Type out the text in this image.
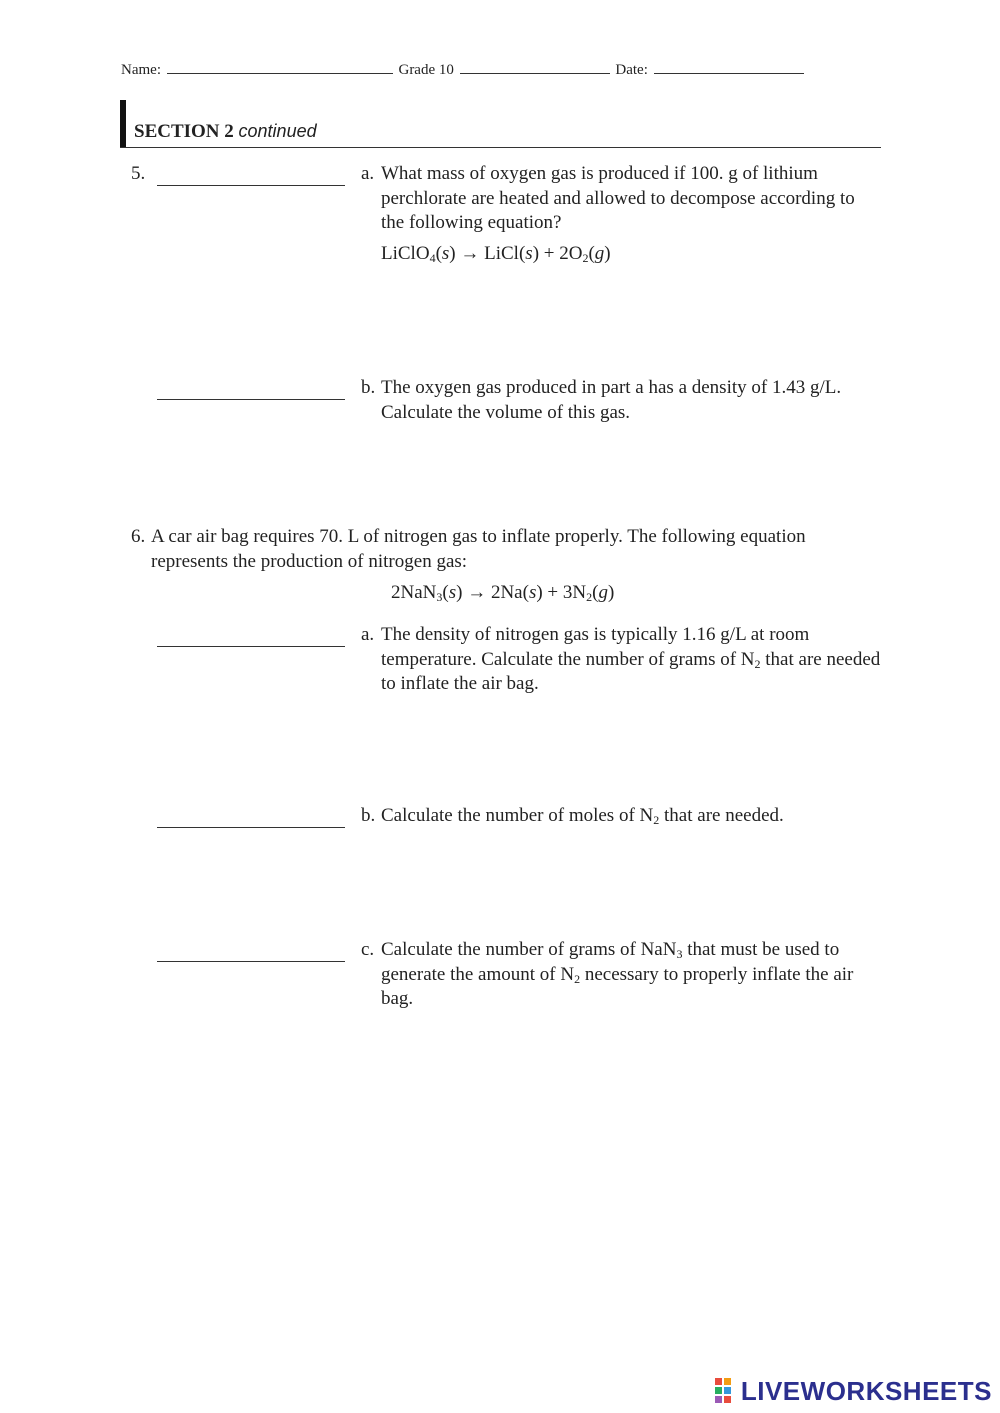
Name:	Grade 10	Date:
SECTION 2 continued
5.	a. What mass of oxygen gas is produced if 100. g of lithium perchlorate are heated and allowed to decompose according to the following equation?
LiClO$_4$(s) → LiCl(s) + $2O_2(g)$
b. The oxygen gas produced in part a has a density of 1.43 g/L. Calculate the volume of this gas.
6. A car air bag requires 70. L of nitrogen gas to inflate properly. The following equation represents the production of nitrogen gas:
$2NaN_3(s) \to 2Na(s) + 3N_2(g)$
a. The density of nitrogen gas is typically 1.16 g/L at room temperature. Calculate the number of grams of $N_2$ that are needed to inflate the air bag.
b. Calculate the number of moles of $N_2$ that are needed.
c. Calculate the number of grams of NaN$_3$ that must be used to generate the amount of $N_2$ necessary to properly inflate the air bag.
LIVEWORKSHEETS
